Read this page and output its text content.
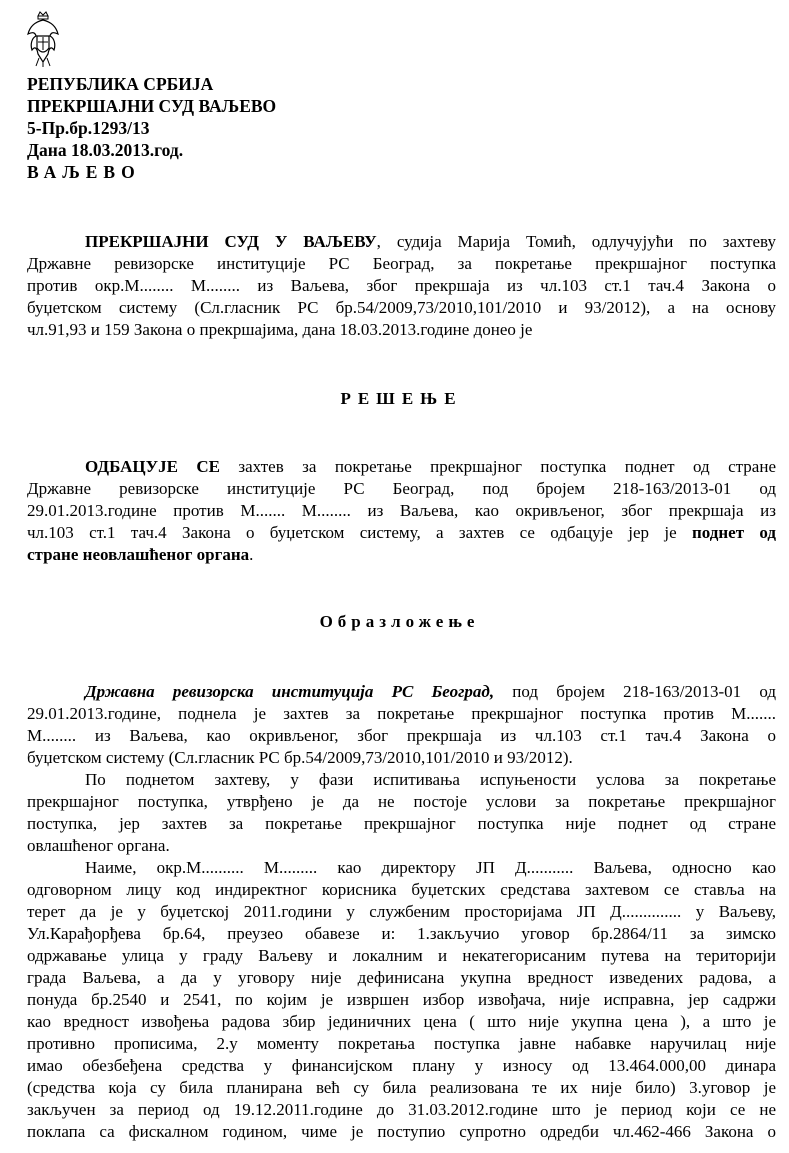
РЕПУБЛИКА СРБИЈА
ПРЕКРШАЈНИ СУД ВАЉЕВО
5-Пр.бр.1293/13
Дана 18.03.2013.год.
ВАЉЕВО
ПРЕКРШАЈНИ СУД У ВАЉЕВУ, судија Марија Томић, одлучујући по захтеву
Државне ревизорске институције РС Београд, за покретање прекршајног поступка
против окр.М........ М........ из Ваљева, због прекршаја из чл.103 ст.1 тач.4 Закона о
буџетском систему (Сл.гласник РС бр.54/2009,73/2010,101/2010 и 93/2012), а на основу
чл.91,93 и 159 Закона о прекршајима, дана 18.03.2013.године донео је
РЕШЕЊЕ
ОДБАЦУЈЕ СЕ захтев за покретање прекршајног поступка поднет од стране
Државне ревизорске институције РС Београд, под бројем 218-163/2013-01 од
29.01.2013.године против М....... М........ из Ваљева, као окривљеног, због прекршаја из
чл.103 ст.1 тач.4 Закона о буџетском систему, а захтев се одбацује јер је поднет од
стране неовлашћеног органа.
Образложење
Државна ревизорска институција РС Београд, под бројем 218-163/2013-01 од
29.01.2013.године, поднела је захтев за покретање прекршајног поступка против М.......
М........ из Ваљева, као окривљеног, због прекршаја из чл.103 ст.1 тач.4 Закона о
буџетском систему (Сл.гласник РС бр.54/2009,73/2010,101/2010 и 93/2012).
По поднетом захтеву, у фази испитивања испуњености услова за покретање
прекршајног поступка, утврђено је да не постоје услови за покретање прекршајног
поступка, јер захтев за покретање прекршајног поступка није поднет од стране
овлашћеног органа.
Наиме, окр.М.......... М......... као директору ЈП Д........... Ваљева, односно као
одговорном лицу код индиректног корисника буџетских средстава захтевом се ставља на
терет да је у буџетској 2011.години у службеним просторијама ЈП Д.............. у Ваљеву,
Ул.Карађорђева бр.64, преузео обавезе и: 1.закључио уговор бр.2864/11 за зимско
одржавање улица у граду Ваљеву и локалним и некатегорисаним путева на територији
града Ваљева, а да у уговору није дефинисана укупна вредност изведених радова, а
понуда бр.2540 и 2541, по којим је извршен избор извођача, није исправна, јер садржи
као вредност извођења радова збир јединичних цена ( што није укупна цена ), а што је
противно прописима, 2.у моменту покретања поступка јавне набавке наручилац није
имао обезбеђена средства у финансијском плану у износу од 13.464.000,00 динара
(средства која су била планирана већ су била реализована те их није било) 3.уговор је
закључен за период од 19.12.2011.године до 31.03.2012.године што је период који се не
поклапа са фискалном годином, чиме је поступио супротно одредби чл.462-466 Закона о
